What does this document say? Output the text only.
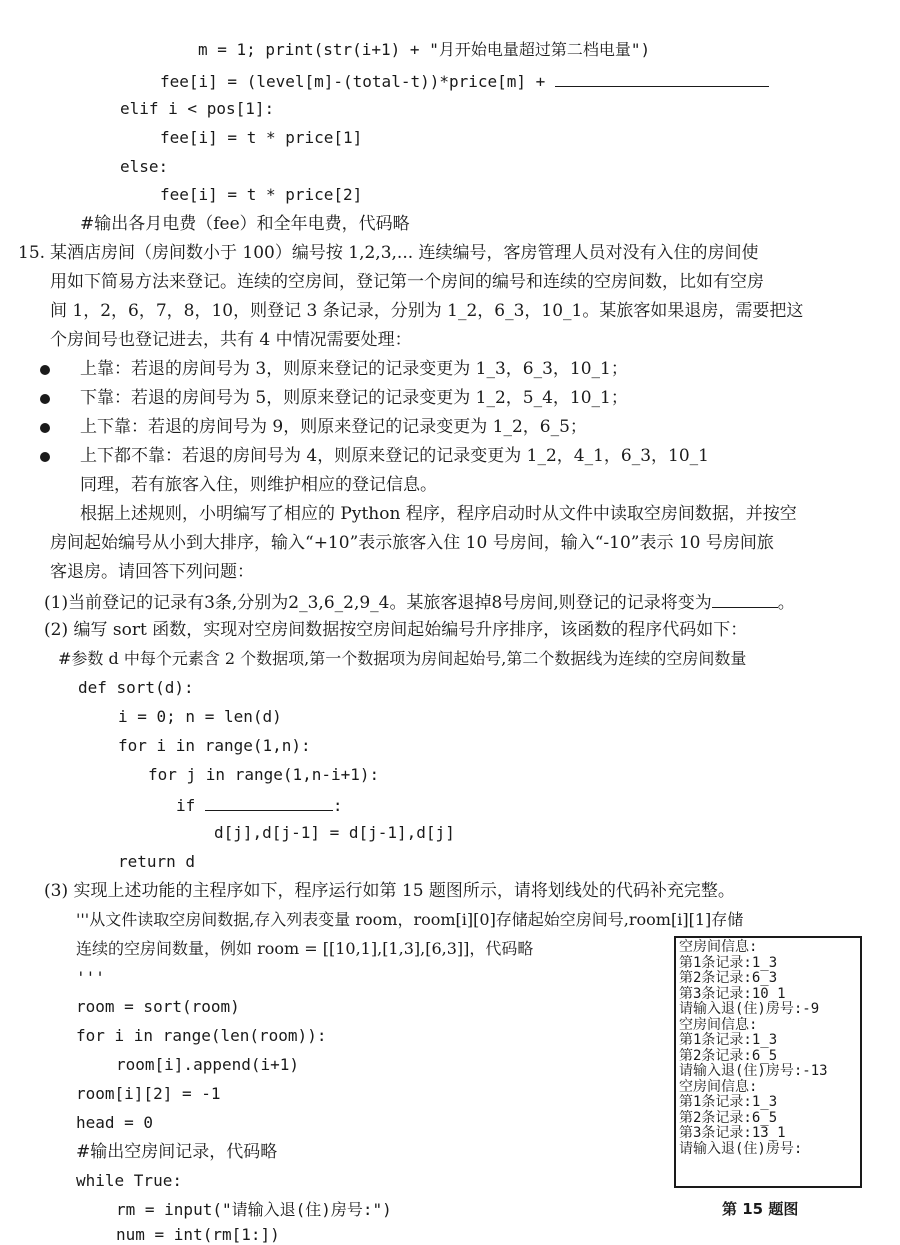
m = 1; print(str(i+1) + "月开始电量超过第二档电量")
fee[i] = (level[m]-(total-t))*price[m] +
elif i < pos[1]:
fee[i] = t * price[1]
else:
fee[i] = t * price[2]
#输出各月电费（fee）和全年电费，代码略
15. 某酒店房间（房间数小于 100）编号按 1,2,3,... 连续编号，客房管理人员对没有入住的房间使
用如下简易方法来登记。连续的空房间，登记第一个房间的编号和连续的空房间数，比如有空房
间 1，2，6，7，8，10，则登记 3 条记录，分别为 1_2，6_3，10_1。某旅客如果退房，需要把这
个房间号也登记进去，共有 4 中情况需要处理：
上靠：若退的房间号为 3，则原来登记的记录变更为 1_3，6_3，10_1；
下靠：若退的房间号为 5，则原来登记的记录变更为 1_2，5_4，10_1；
上下靠：若退的房间号为 9，则原来登记的记录变更为 1_2，6_5；
上下都不靠：若退的房间号为 4，则原来登记的记录变更为 1_2，4_1，6_3，10_1
同理，若有旅客入住，则维护相应的登记信息。
根据上述规则，小明编写了相应的 Python 程序，程序启动时从文件中读取空房间数据，并按空
房间起始编号从小到大排序，输入“+10”表示旅客入住 10 号房间，输入“-10”表示 10 号房间旅
客退房。请回答下列问题：
(1)当前登记的记录有3条,分别为2_3,6_2,9_4。某旅客退掉8号房间,则登记的记录将变为	。
(2) 编写 sort 函数，实现对空房间数据按空房间起始编号升序排序，该函数的程序代码如下：
#参数 d 中每个元素含 2 个数据项,第一个数据项为房间起始号,第二个数据线为连续的空房间数量
def sort(d):
i = 0; n = len(d)
for i in range(1,n):
for j in range(1,n-i+1):
if	:
d[j],d[j-1] = d[j-1],d[j]
return d
(3) 实现上述功能的主程序如下，程序运行如第 15 题图所示，请将划线处的代码补充完整。
'''从文件读取空房间数据,存入列表变量 room，room[i][0]存储起始空房间号,room[i][1]存储
连续的空房间数量，例如 room = [[10,1],[1,3],[6,3]]，代码略
'''
room = sort(room)
for i in range(len(room)):
room[i].append(i+1)
room[i][2] = -1
head = 0
#输出空房间记录，代码略
while True:
rm = input("请输入退(住)房号:")
num = int(rm[1:])
空房间信息:
第1条记录:1_3
第2条记录:6_3
第3条记录:10_1
请输入退(住)房号:-9
空房间信息:
第1条记录:1_3
第2条记录:6_5
请输入退(住)房号:-13
空房间信息:
第1条记录:1_3
第2条记录:6_5
第3条记录:13_1
请输入退(住)房号:
第 15 题图
